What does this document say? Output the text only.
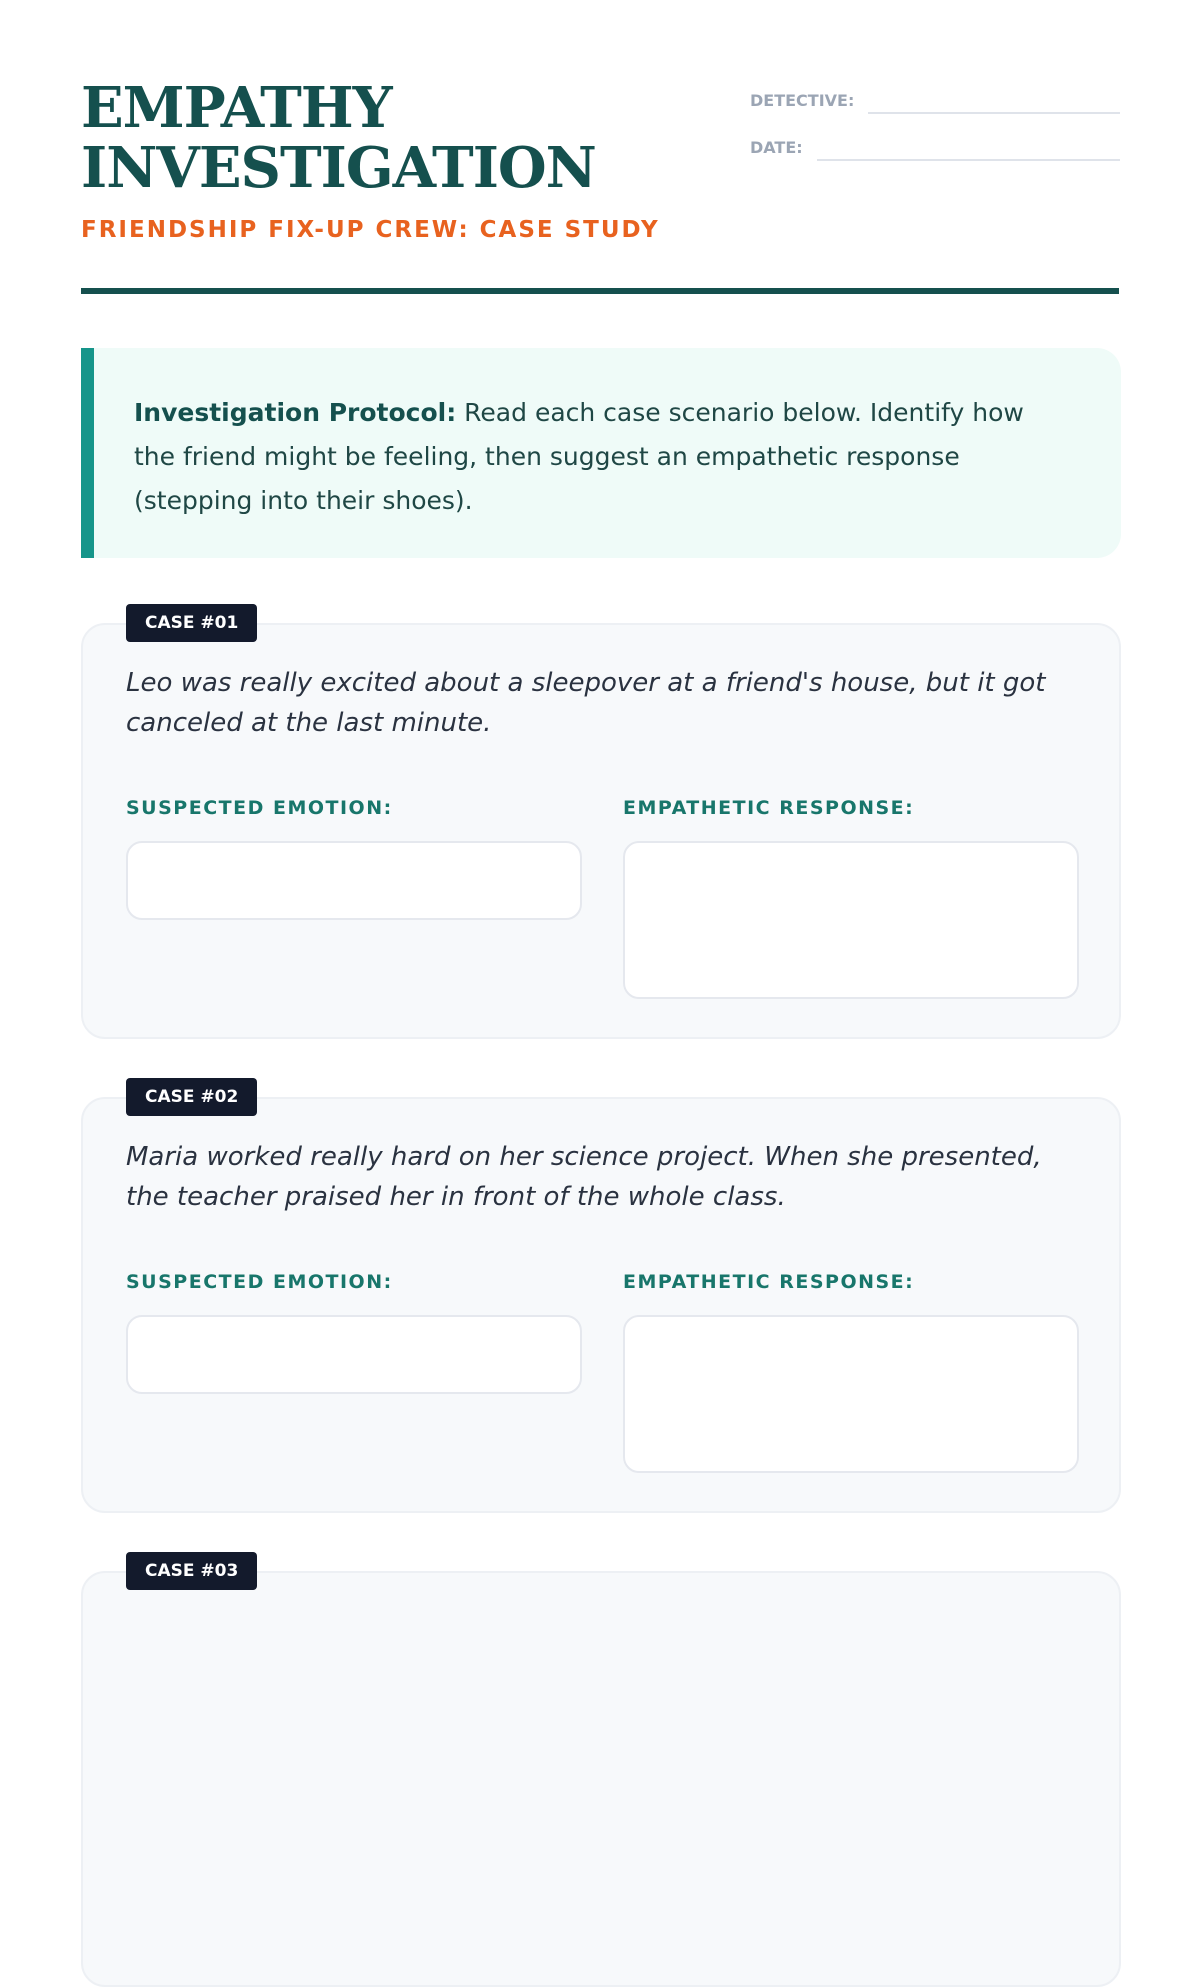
EMPATHY
INVESTIGATION
FRIENDSHIP FIX-UP CREW: CASE STUDY
DETECTIVE:
DATE:

Investigation Protocol: Read each case scenario below. Identify how the friend might be feeling, then suggest an empathetic response (stepping into their shoes).

CASE #01

Leo was really excited about a sleepover at a friend's house, but it got canceled at the last minute.

SUSPECTED EMOTION:	EMPATHETIC RESPONSE:
CASE #02

Maria worked really hard on her science project. When she presented, the teacher praised her in front of the whole class.

SUSPECTED EMOTION:	EMPATHETIC RESPONSE:
CASE #03
